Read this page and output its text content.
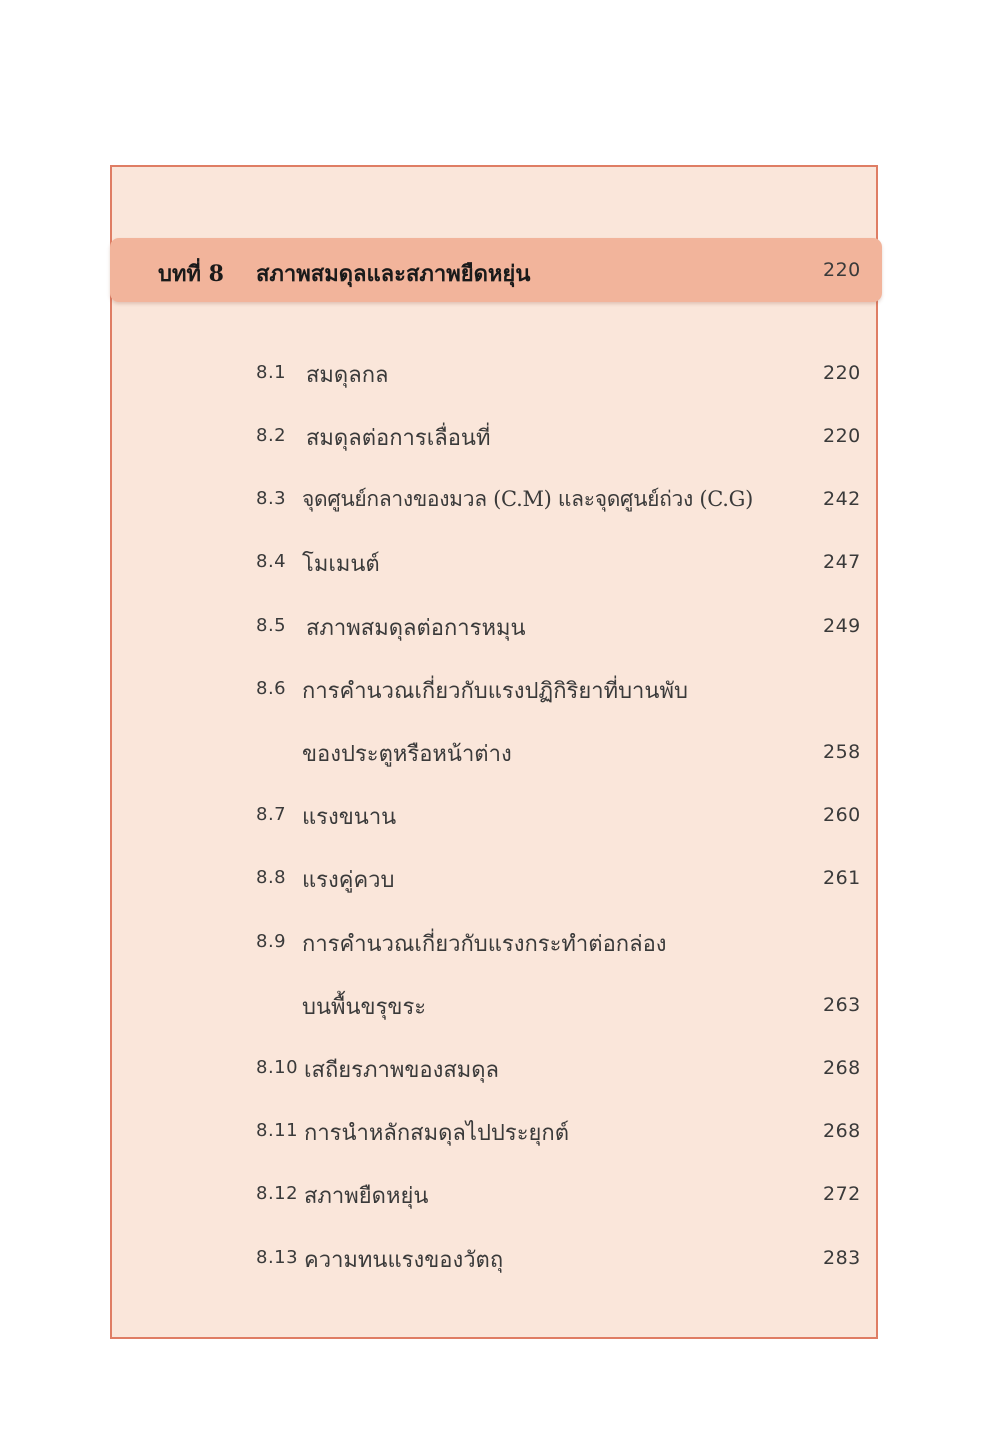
บทที่ 8 สภาพสมดุลและสภาพยืดหยุ่น	220
8.1 สมดุลกล	220
8.2 สมดุลต่อการเลื่อนที่	220
8.3 จุดศูนย์กลางของมวล (C.M) และจุดศูนย์ถ่วง (C.G)	242
8.4 โมเมนต์	247
8.5 สภาพสมดุลต่อการหมุน	249
8.6 การคำนวณเกี่ยวกับแรงปฏิกิริยาที่บานพับ
ของประตูหรือหน้าต่าง	258
8.7 แรงขนาน	260
8.8 แรงคู่ควบ	261
8.9 การคำนวณเกี่ยวกับแรงกระทำต่อกล่อง
บนพื้นขรุขระ	263
8.10 เสถียรภาพของสมดุล	268
8.11 การนำหลักสมดุลไปประยุกต์	268
8.12 สภาพยืดหยุ่น	272
8.13 ความทนแรงของวัตถุ	283
